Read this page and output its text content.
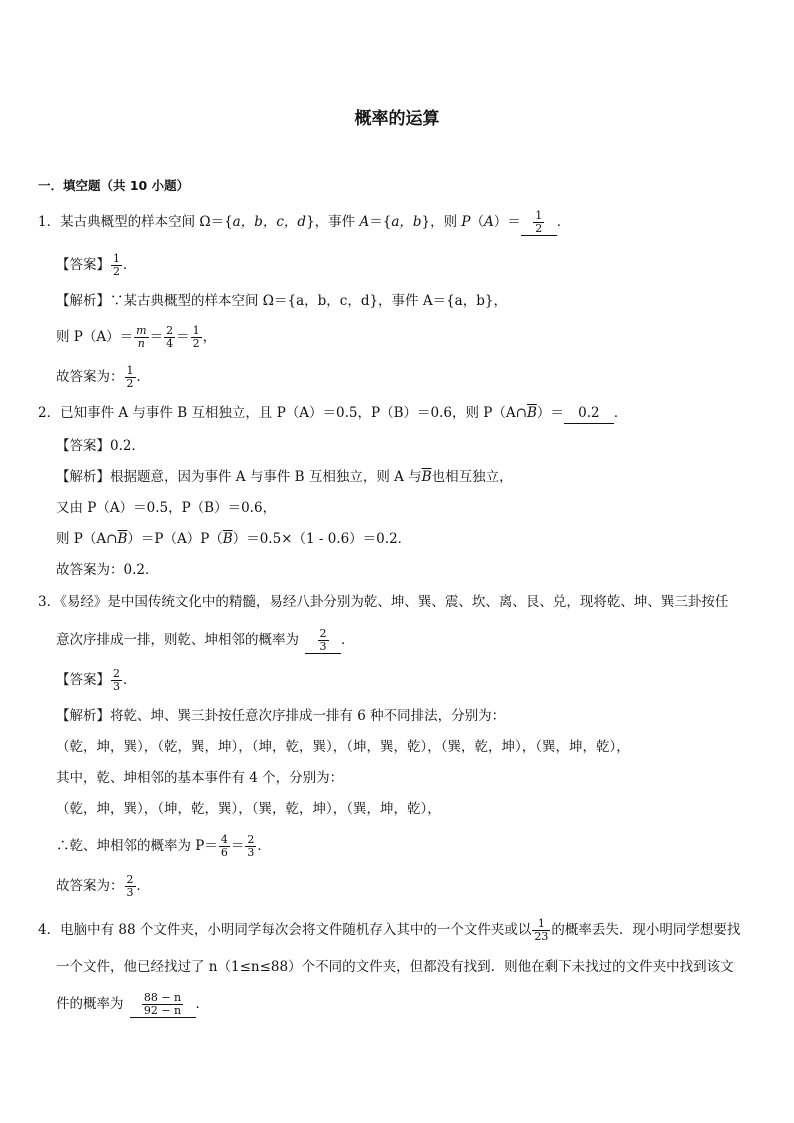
概率的运算
一．填空题（共 10 小题）
1．某古典概型的样本空间 Ω＝{a，b，c，d}，事件 A＝{a，b}，则 $P(A)= \frac{1}{2}$ ．
【答案】 $\frac{1}{2}$ ．
【解析】∵某古典概型的样本空间 Ω＝{a，b，c，d}，事件 A＝{a，b}，
则 $P(A)= \frac{m}{n} = \frac{2}{4} = \frac{1}{2}$ ，
故答案为： $\frac{1}{2}$ ．
2．已知事件 A 与事件 B 互相独立，且 P（A）＝0.5，P（B）＝0.6，则 $P(A\cap\overline{B})= 0.2$ ．
【答案】0.2．
【解析】根据题意，因为事件 A 与事件 B 互相独立，则 A 与$\overline{B}$也相互独立，
又由 P（A）＝0.5，P（B）＝0.6，
则 $P(A\cap\overline{B})=P(A)P(\overline{B})=0.5\times(1 - 0.6)=0.2$．
故答案为：0.2．
3．《易经》是中国传统文化中的精髓，易经八卦分别为乾、坤、巽、震、坎、离、艮、兑，现将乾、坤、巽三卦按任
意次序排成一排，则乾、坤相邻的概率为 $\frac{2}{3}$ ．
【答案】 $\frac{2}{3}$ ．
【解析】将乾、坤、巽三卦按任意次序排成一排有 6 种不同排法，分别为：
（乾，坤，巽），（乾，巽，坤），（坤，乾，巽），（坤，巽，乾），（巽，乾，坤），（巽，坤，乾），
其中，乾、坤相邻的基本事件有 4 个，分别为：
（乾，坤，巽），（坤，乾，巽），（巽，乾，坤），（巽，坤，乾），
∴乾、坤相邻的概率为 $P= \frac{4}{6} = \frac{2}{3}$ ．
故答案为： $\frac{2}{3}$ ．
4．电脑中有 88 个文件夹，小明同学每次会将文件随机存入其中的一个文件夹或以 $\frac{1}{23}$ 的概率丢失．现小明同学想要找
一个文件，他已经找过了 n（1≤n≤88）个不同的文件夹，但都没有找到．则他在剩下未找过的文件夹中找到该文
件的概率为 $\frac{88 - n}{92 - n}$ ．
